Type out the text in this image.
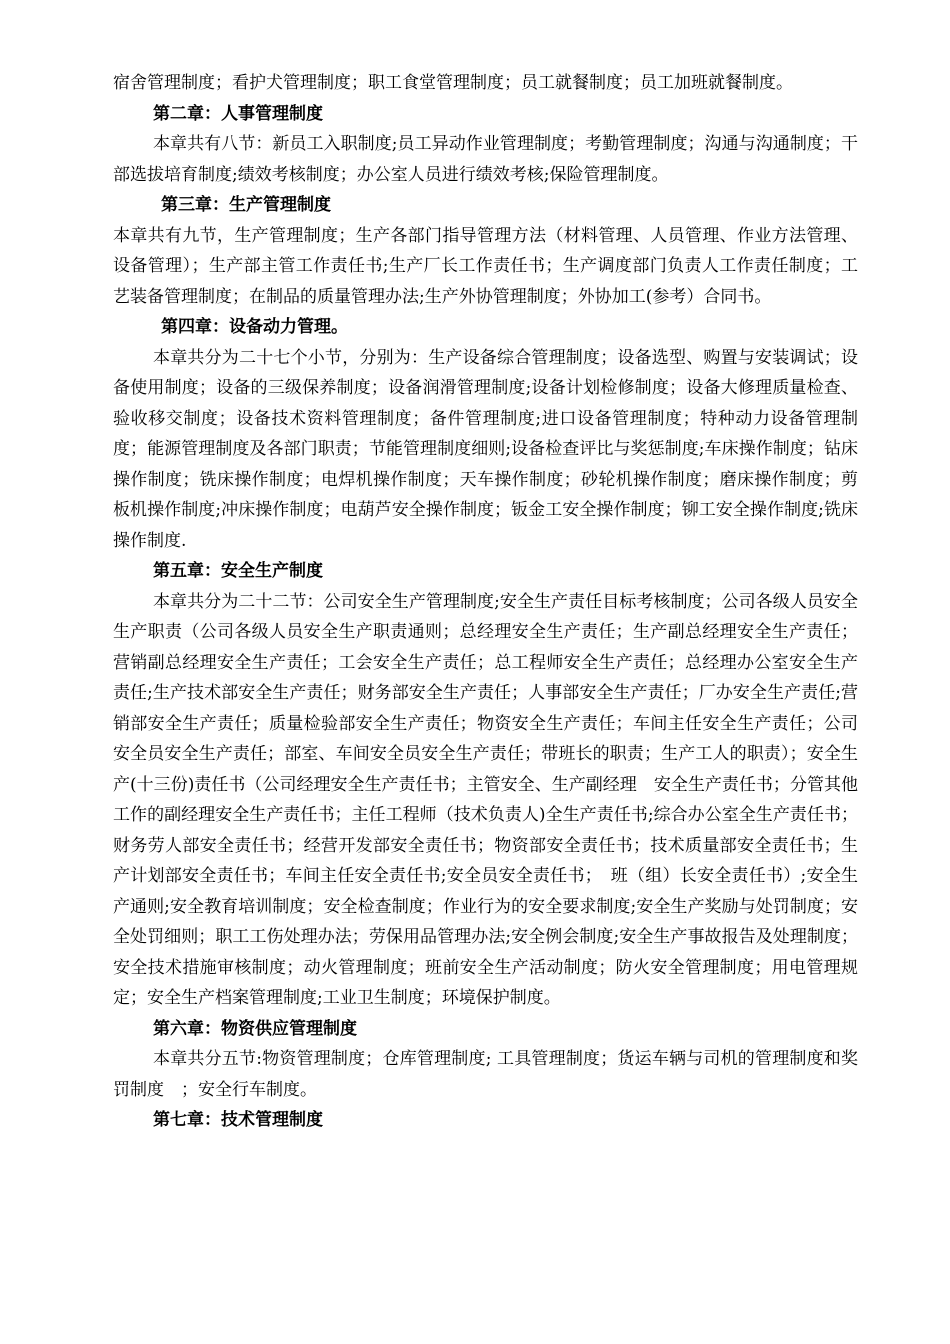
宿舍管理制度；看护犬管理制度；职工食堂管理制度；员工就餐制度；员工加班就餐制度。

第二章：人事管理制度

本章共有八节：新员工入职制度;员工异动作业管理制度；考勤管理制度；沟通与沟通制度；干部选拔培育制度;绩效考核制度；办公室人员进行绩效考核;保险管理制度。

第三章：生产管理制度

本章共有九节，生产管理制度；生产各部门指导管理方法（材料管理、人员管理、作业方法管理、设备管理）；生产部主管工作责任书;生产厂长工作责任书；生产调度部门负责人工作责任制度；工艺装备管理制度；在制品的质量管理办法;生产外协管理制度；外协加工(参考）合同书。

第四章：设备动力管理。

本章共分为二十七个小节，分别为：生产设备综合管理制度；设备选型、购置与安装调试；设备使用制度；设备的三级保养制度；设备润滑管理制度;设备计划检修制度；设备大修理质量检查、验收移交制度；设备技术资料管理制度；备件管理制度;进口设备管理制度；特种动力设备管理制度；能源管理制度及各部门职责；节能管理制度细则;设备检查评比与奖惩制度;车床操作制度；钻床操作制度；铣床操作制度；电焊机操作制度；天车操作制度；砂轮机操作制度；磨床操作制度；剪板机操作制度;冲床操作制度；电葫芦安全操作制度；钣金工安全操作制度；铆工安全操作制度;铣床操作制度.

第五章：安全生产制度

本章共分为二十二节：公司安全生产管理制度;安全生产责任目标考核制度；公司各级人员安全生产职责（公司各级人员安全生产职责通则；总经理安全生产责任；生产副总经理安全生产责任；营销副总经理安全生产责任；工会安全生产责任；总工程师安全生产责任；总经理办公室安全生产责任;生产技术部安全生产责任；财务部安全生产责任；人事部安全生产责任；厂办安全生产责任;营销部安全生产责任；质量检验部安全生产责任；物资安全生产责任；车间主任安全生产责任；公司安全员安全生产责任；部室、车间安全员安全生产责任；带班长的职责；生产工人的职责）；安全生产(十三份)责任书（公司经理安全生产责任书；主管安全、生产副经理　安全生产责任书；分管其他工作的副经理安全生产责任书；主任工程师（技术负责人)全生产责任书;综合办公室全生产责任书；财务劳人部安全责任书；经营开发部安全责任书；物资部安全责任书；技术质量部安全责任书；生产计划部安全责任书；车间主任安全责任书;安全员安全责任书；　班（组）长安全责任书）;安全生产通则;安全教育培训制度；安全检查制度；作业行为的安全要求制度;安全生产奖励与处罚制度；安全处罚细则；职工工伤处理办法；劳保用品管理办法;安全例会制度;安全生产事故报告及处理制度；安全技术措施审核制度；动火管理制度；班前安全生产活动制度；防火安全管理制度；用电管理规定；安全生产档案管理制度;工业卫生制度；环境保护制度。

第六章：物资供应管理制度

本章共分五节:物资管理制度；仓库管理制度; 工具管理制度；货运车辆与司机的管理制度和奖罚制度　；安全行车制度。

第七章：技术管理制度
